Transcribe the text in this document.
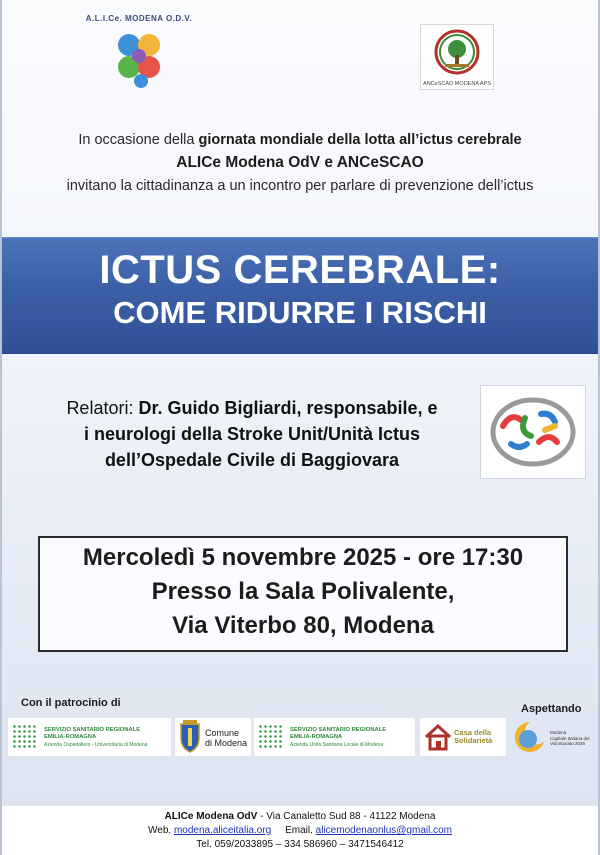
A.L.I.Ce. MODENA O.D.V.
ANCeSCAO MODENA APS
In occasione della giornata mondiale della lotta all’ictus cerebrale
ALICe Modena OdV e ANCeSCAO
invitano la cittadinanza a un incontro per parlare di prevenzione dell’ictus
ICTUS CEREBRALE:
COME RIDURRE I RISCHI
Relatori: Dr. Guido Bigliardi, responsabile, e
i neurologi della Stroke Unit/Unità Ictus
dell’Ospedale Civile di Baggiovara
Mercoledì 5 novembre 2025 - ore 17:30
Presso la Sala Polivalente,
Via Viterbo 80, Modena
Con il patrocinio di	Aspettando
SERVIZIO SANITARIO REGIONALE
EMILIA-ROMAGNA
Azienda Ospedaliero - Universitaria di Modena
Comune
di Modena
SERVIZIO SANITARIO REGIONALE
EMILIA-ROMAGNA
Azienda Unità Sanitaria Locale di Modena
Casa della Solidarietà
Modena
Capitale Italiana del
Volontariato 2026
ALICe Modena OdV - Via Canaletto Sud 88 - 41122 Modena
Web. modena.aliceitalia.org     Email. alicemodenaonlus@gmail.com
Tel. 059/2033895 – 334 586960 – 3471546412
